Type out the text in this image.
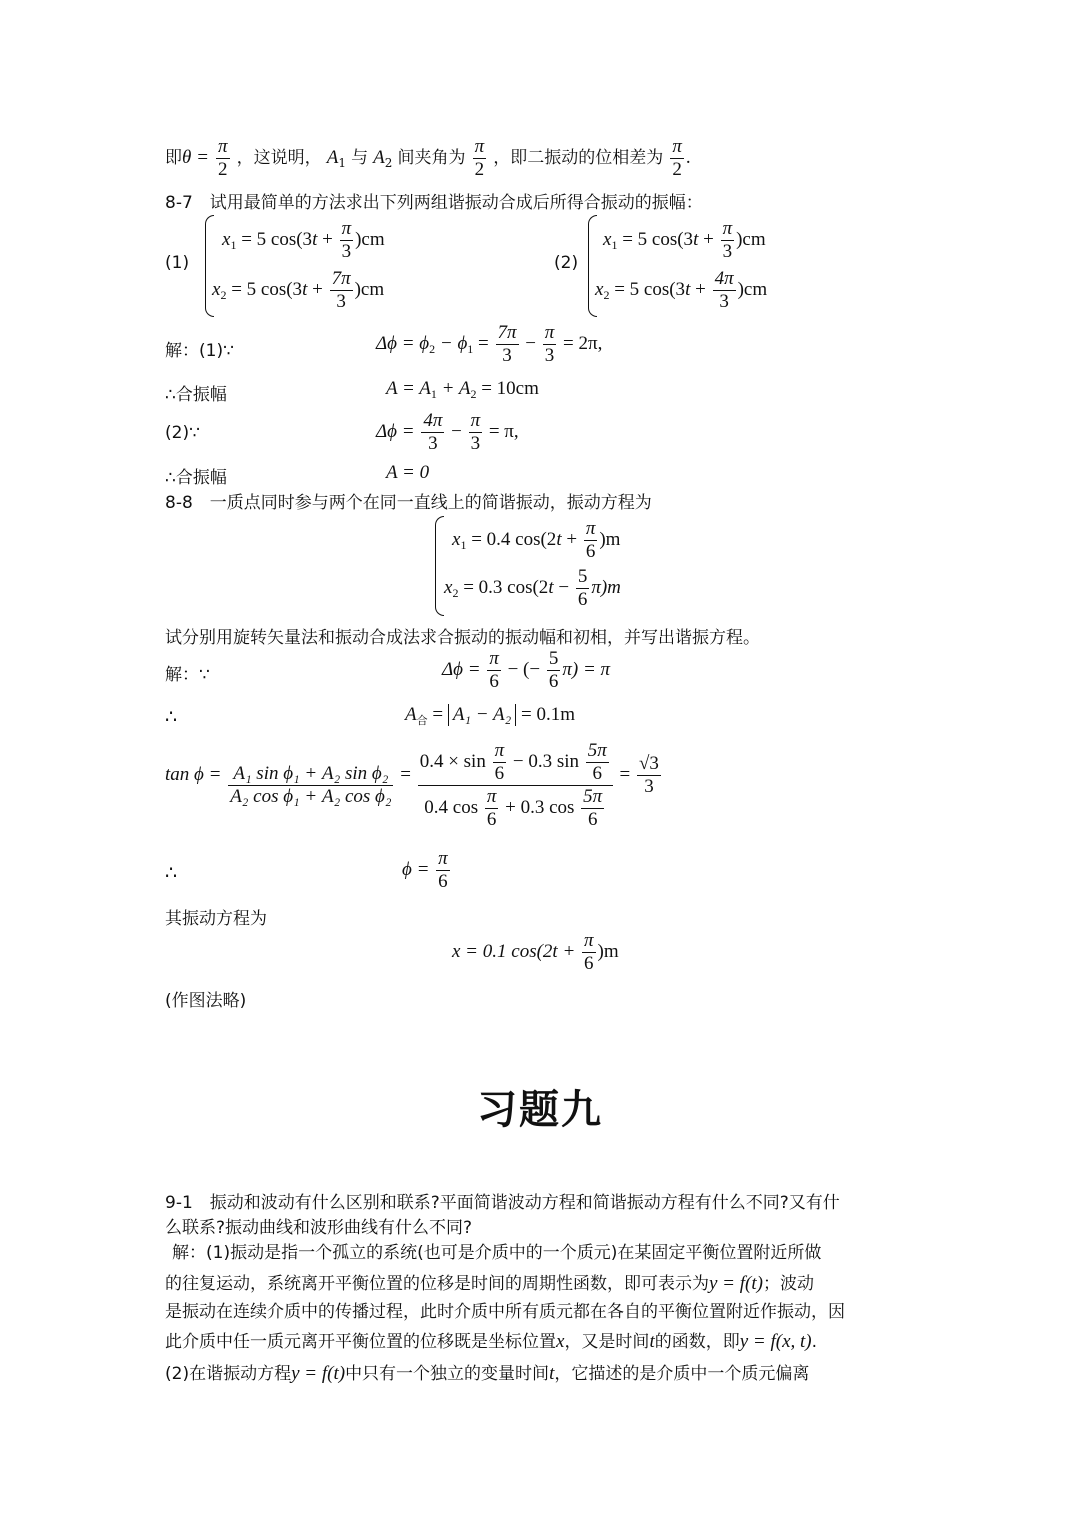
即$\theta = \frac{\pi}{2}$ ，这说明， $A_1$ 与 $A_2$ 间夹角为 $\frac{\pi}{2}$ ，即二振动的位相差为 $\frac{\pi}{2}$ .
8-7　试用最简单的方法求出下列两组谐振动合成后所得合振动的振幅：
(1)
$x_1 = 5$ $\cos(3t + \frac{\pi}{3} )cm$
$x_2 = 5$ $\cos(3t + \frac{7\pi}{3} )cm$
(2)
$x_1 = 5$ $\cos(3t + \frac{\pi}{3} )cm$
$x_2 = 5$ $\cos(3t + \frac{4\pi}{3} )cm$
解：(1)∵	$\Delta\phi = \phi_2 - \phi_1 = \frac{7\pi}{3} - \frac{\pi}{3} = 2\pi$,
∴合振幅	$A = A_1 + A_2 = 10cm$
(2)∵	$\Delta\phi = \frac{4\pi}{3} - \frac{\pi}{3} = \pi$,
∴合振幅	A = 0
8-8　一质点同时参与两个在同一直线上的简谐振动，振动方程为
$x_1 = 0.4$ $\cos(2t + \frac{\pi}{6} )m$
$x_2 = 0.3$ $\cos(2t - \frac{5}{6} \pi)m$
试分别用旋转矢量法和振动合成法求合振动的振动幅和初相，并写出谐振方程。
解：∵	$\Delta\phi = \frac{\pi}{6}$ − (− $\frac{5}{6} \pi) = \pi$
∴	$A_合 = A_1 - A_2 = 0.1m$
$\tan \phi = \frac{\text{A₁ sin ϕ₁ + A₂ sin ϕ₂}}{\text{A₂ cos ϕ₁ + A₂ cos ϕ₂}} = \frac{0.4 \times \sin \frac{\pi}{6} - 0.3 \sin \frac{5\pi}{6}}{0.4 \cos \frac{\pi}{6} + 0.3 \cos \frac{5\pi}{6}} = \frac{√3}{3}$
∴	$\phi = \frac{\pi}{6}$
其振动方程为
x = 0.1 $\cos(2t + \frac{\pi}{6} )m$
(作图法略)
习题九
9-1　振动和波动有什么区别和联系?平面简谐波动方程和简谐振动方程有什么不同?又有什
么联系?振动曲线和波形曲线有什么不同?
解：(1)振动是指一个孤立的系统(也可是介质中的一个质元)在某固定平衡位置附近所做
的往复运动，系统离开平衡位置的位移是时间的周期性函数，即可表示为y = f(t)；波动
是振动在连续介质中的传播过程，此时介质中所有质元都在各自的平衡位置附近作振动，因
此介质中任一质元离开平衡位置的位移既是坐标位置x，又是时间t的函数，即y = f(x, t).
(2)在谐振动方程y = f(t)中只有一个独立的变量时间t，它描述的是介质中一个质元偏离
